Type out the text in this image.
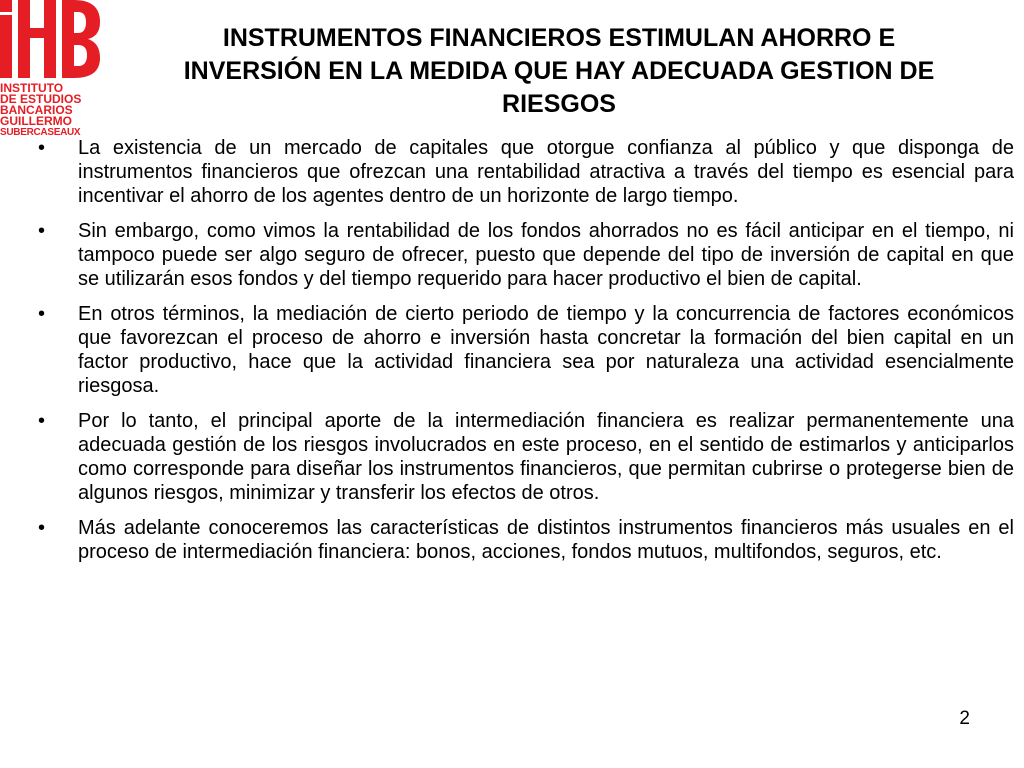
INSTITUTO
DE ESTUDIOS
BANCARIOS
GUILLERMO
SUBERCASEAUX
INSTRUMENTOS FINANCIEROS ESTIMULAN AHORRO E
INVERSIÓN EN LA MEDIDA QUE HAY ADECUADA GESTION DE
RIESGOS
• La existencia de un mercado de capitales que otorgue confianza al público y que disponga de instrumentos financieros que ofrezcan una rentabilidad atractiva a través del tiempo es esencial para incentivar el ahorro de los agentes dentro de un horizonte de largo tiempo.
• Sin embargo, como vimos la rentabilidad de los fondos ahorrados no es fácil anticipar en el tiempo, ni tampoco puede ser algo seguro de ofrecer, puesto que depende del tipo de inversión de capital en que se utilizarán esos fondos y del tiempo requerido para hacer productivo el bien de capital.
• En otros términos, la mediación de cierto periodo de tiempo y la concurrencia de factores económicos que favorezcan el proceso de ahorro e inversión hasta concretar la formación del bien capital en un factor productivo, hace que la actividad financiera sea por naturaleza una actividad esencialmente riesgosa.
• Por lo tanto, el principal aporte de la intermediación financiera es realizar permanentemente una adecuada gestión de los riesgos involucrados en este proceso, en el sentido de estimarlos y anticiparlos como corresponde para diseñar los instrumentos financieros, que permitan cubrirse o protegerse bien de algunos riesgos, minimizar y transferir los efectos de otros.
• Más adelante conoceremos las características de distintos instrumentos financieros más usuales en el proceso de intermediación financiera: bonos, acciones, fondos mutuos, multifondos, seguros, etc.
2
